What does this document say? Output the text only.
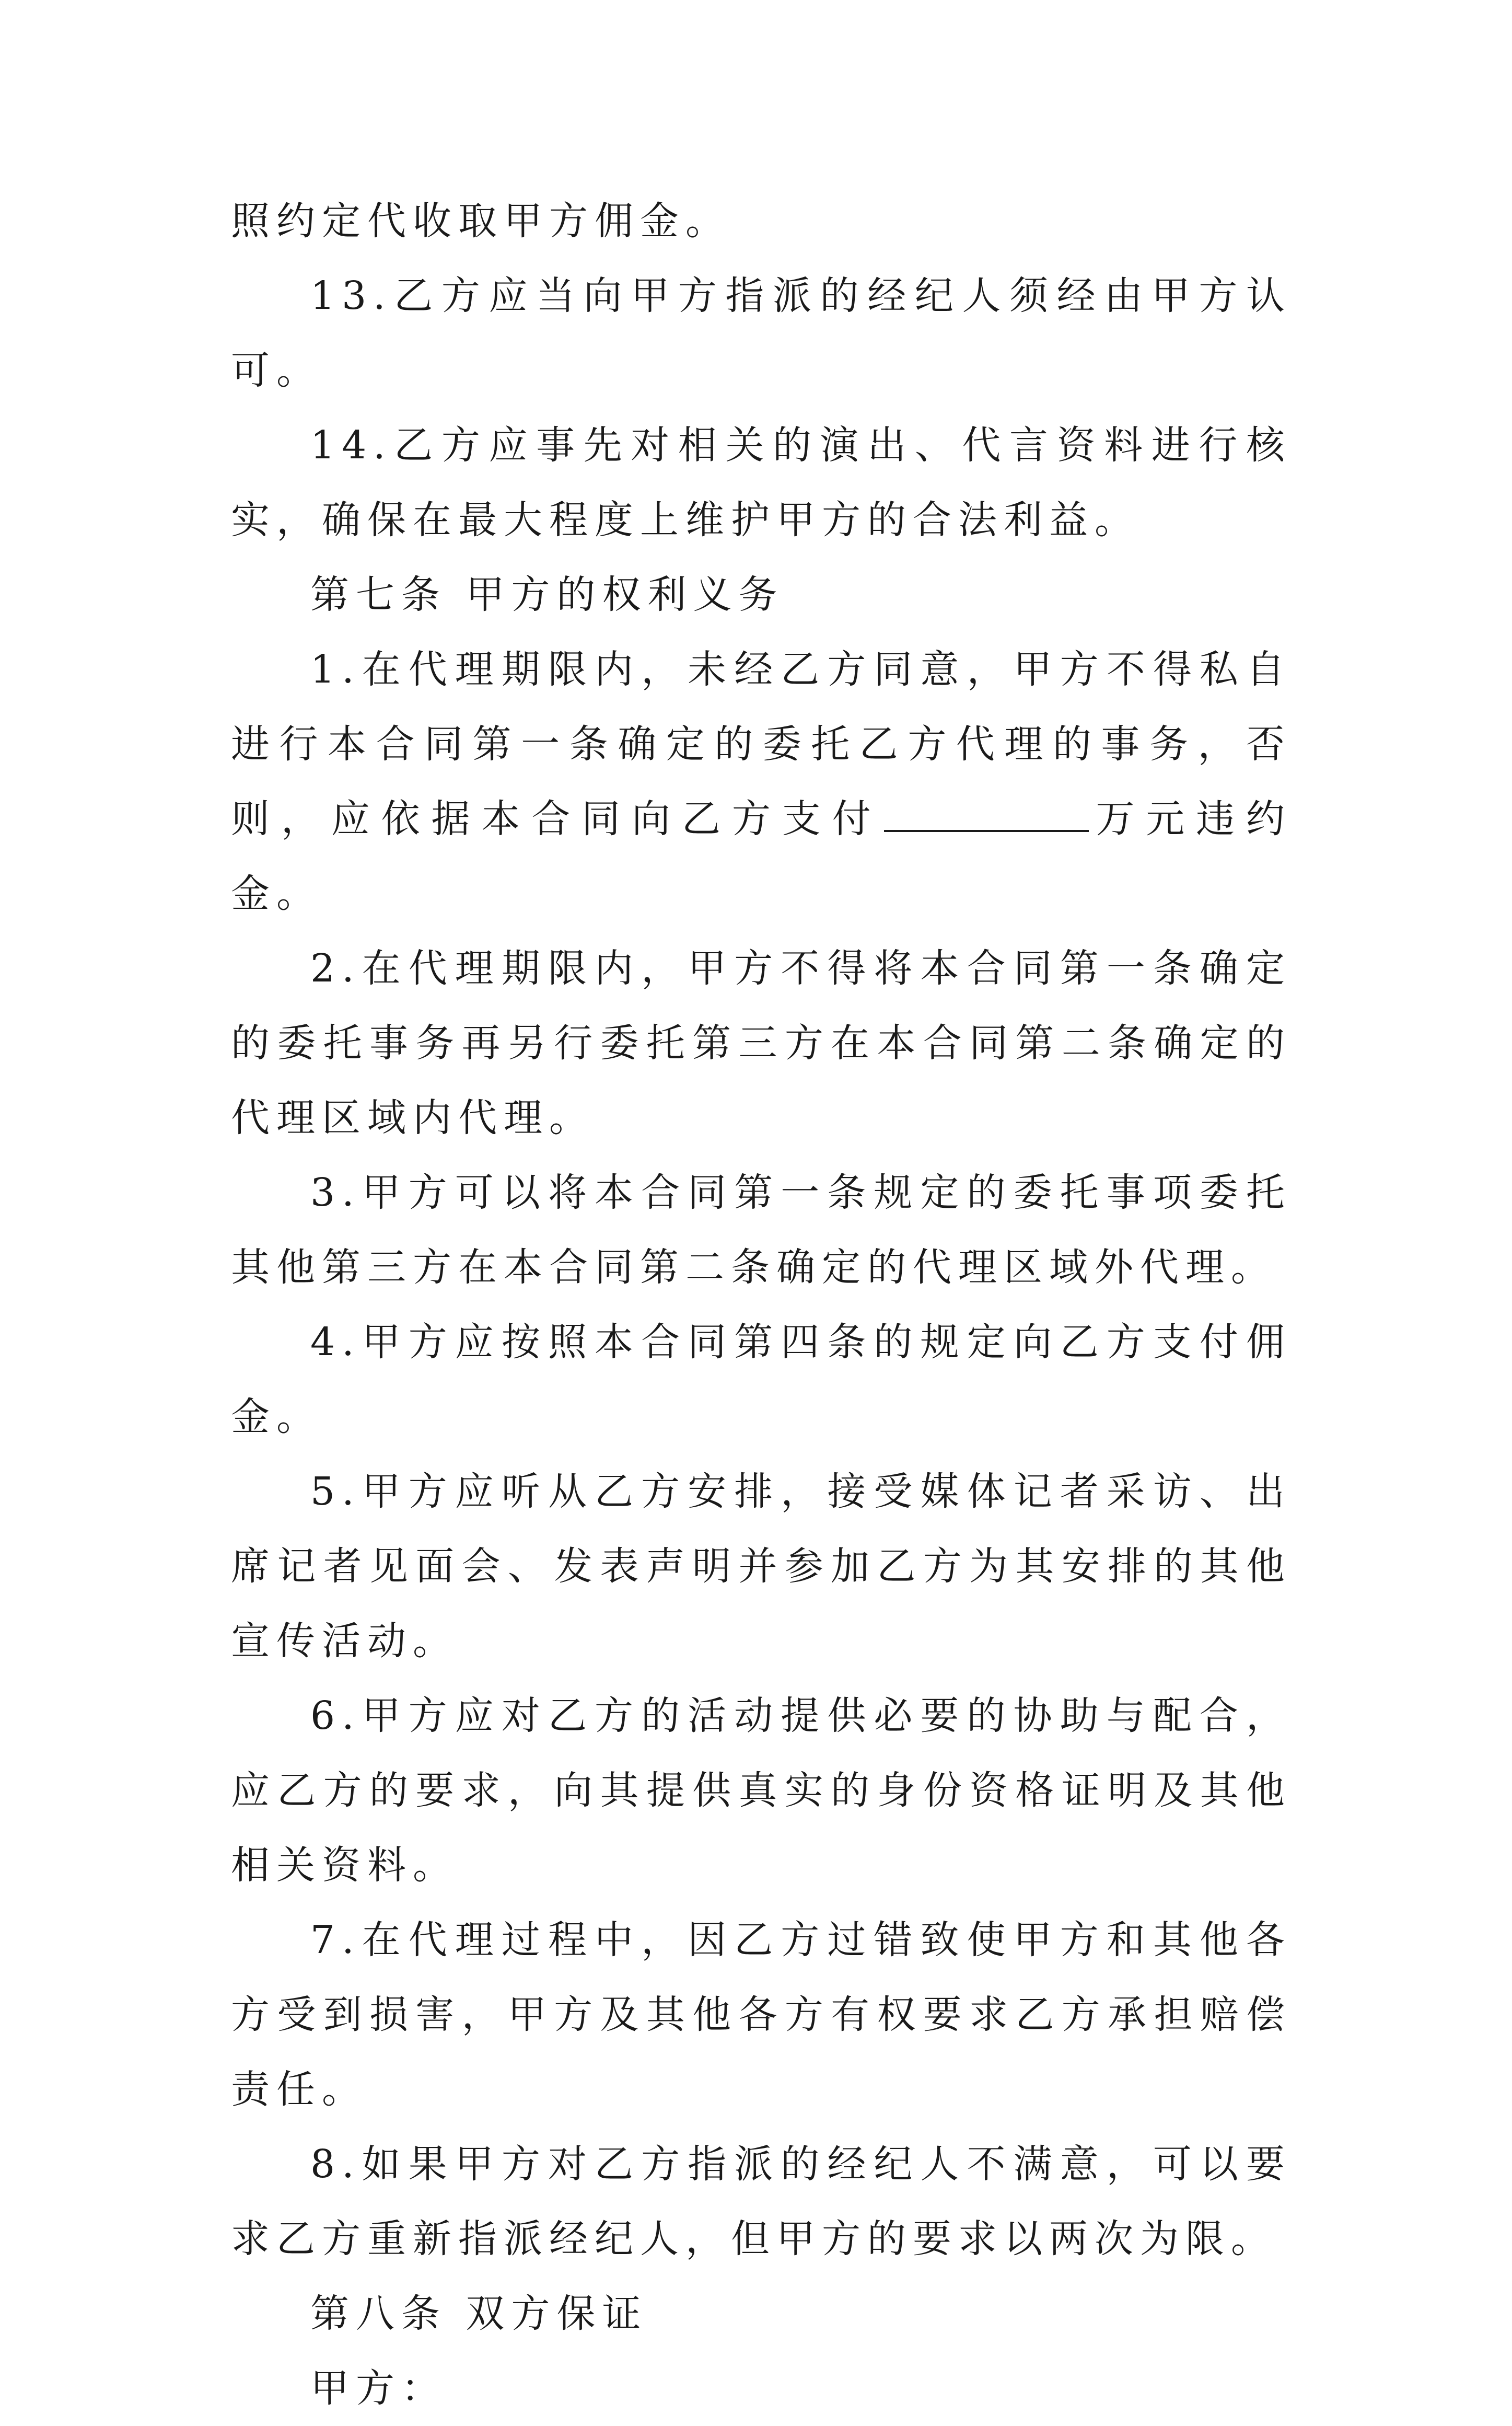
照约定代收取甲方佣金。

13.乙方应当向甲方指派的经纪人须经由甲方认可。

14.乙方应事先对相关的演出、代言资料进行核实，确保在最大程度上维护甲方的合法利益。

第七条 甲方的权利义务

1.在代理期限内，未经乙方同意，甲方不得私自进行本合同第一条确定的委托乙方代理的事务，否则，应依据本合同向乙方支付	万元违约金。

2.在代理期限内，甲方不得将本合同第一条确定的委托事务再另行委托第三方在本合同第二条确定的代理区域内代理。

3.甲方可以将本合同第一条规定的委托事项委托其他第三方在本合同第二条确定的代理区域外代理。

4.甲方应按照本合同第四条的规定向乙方支付佣金。

5.甲方应听从乙方安排，接受媒体记者采访、出席记者见面会、发表声明并参加乙方为其安排的其他宣传活动。

6.甲方应对乙方的活动提供必要的协助与配合，应乙方的要求，向其提供真实的身份资格证明及其他相关资料。

7.在代理过程中，因乙方过错致使甲方和其他各方受到损害，甲方及其他各方有权要求乙方承担赔偿责任。

8.如果甲方对乙方指派的经纪人不满意，可以要求乙方重新指派经纪人，但甲方的要求以两次为限。

第八条 双方保证

甲方：
